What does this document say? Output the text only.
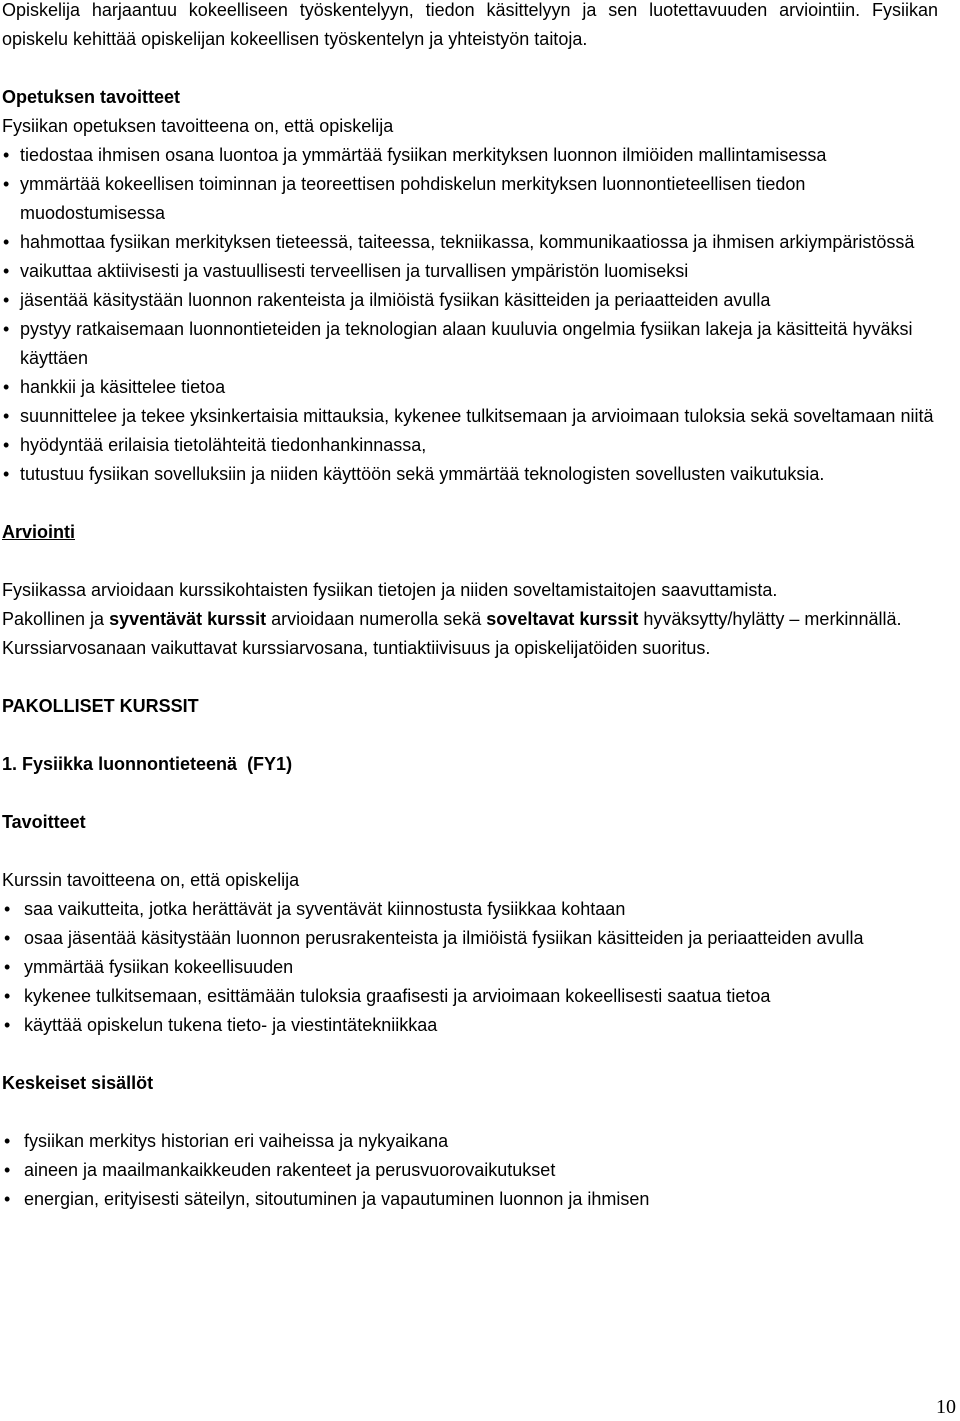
Opiskelija harjaantuu kokeelliseen työskentelyyn, tiedon käsittelyyn ja sen luotettavuuden arviointiin. Fysiikan opiskelu kehittää opiskelijan kokeellisen työskentelyn ja yhteistyön taitoja.

Opetuksen tavoitteet

Fysiikan opetuksen tavoitteena on, että opiskelija

• tiedostaa ihmisen osana luontoa ja ymmärtää fysiikan merkityksen luonnon ilmiöiden mallintamisessa
• ymmärtää kokeellisen toiminnan ja teoreettisen pohdiskelun merkityksen luonnontieteellisen tiedon muodostumisessa
• hahmottaa fysiikan merkityksen tieteessä, taiteessa, tekniikassa, kommunikaatiossa ja ihmisen arkiympäristössä
• vaikuttaa aktiivisesti ja vastuullisesti terveellisen ja turvallisen ympäristön luomiseksi
• jäsentää käsitystään luonnon rakenteista ja ilmiöistä fysiikan käsitteiden ja periaatteiden avulla
• pystyy ratkaisemaan luonnontieteiden ja teknologian alaan kuuluvia ongelmia fysiikan lakeja ja käsitteitä hyväksi käyttäen
• hankkii ja käsittelee tietoa
• suunnittelee ja tekee yksinkertaisia mittauksia, kykenee tulkitsemaan ja arvioimaan tuloksia sekä soveltamaan niitä
• hyödyntää erilaisia tietolähteitä tiedonhankinnassa,
• tutustuu fysiikan sovelluksiin ja niiden käyttöön sekä ymmärtää teknologisten sovellusten vaikutuksia.

Arviointi

Fysiikassa arvioidaan kurssikohtaisten fysiikan tietojen ja niiden soveltamistaitojen saavuttamista.

Pakollinen ja syventävät kurssit arvioidaan numerolla sekä soveltavat kurssit hyväksytty/hylätty – merkinnällä. Kurssiarvosanaan vaikuttavat kurssiarvosana, tuntiaktiivisuus ja opiskelijatöiden suoritus.

PAKOLLISET KURSSIT

1. Fysiikka luonnontieteenä  (FY1)

Tavoitteet

Kurssin tavoitteena on, että opiskelija

• saa vaikutteita, jotka herättävät ja syventävät kiinnostusta fysiikkaa kohtaan
• osaa jäsentää käsitystään luonnon perusrakenteista ja ilmiöistä fysiikan käsitteiden ja periaatteiden avulla
• ymmärtää fysiikan kokeellisuuden
• kykenee tulkitsemaan, esittämään tuloksia graafisesti ja arvioimaan kokeellisesti saatua tietoa
• käyttää opiskelun tukena tieto- ja viestintätekniikkaa

Keskeiset sisällöt

• fysiikan merkitys historian eri vaiheissa ja nykyaikana
• aineen ja maailmankaikkeuden rakenteet ja perusvuorovaikutukset
• energian, erityisesti säteilyn, sitoutuminen ja vapautuminen luonnon ja ihmisen
10
